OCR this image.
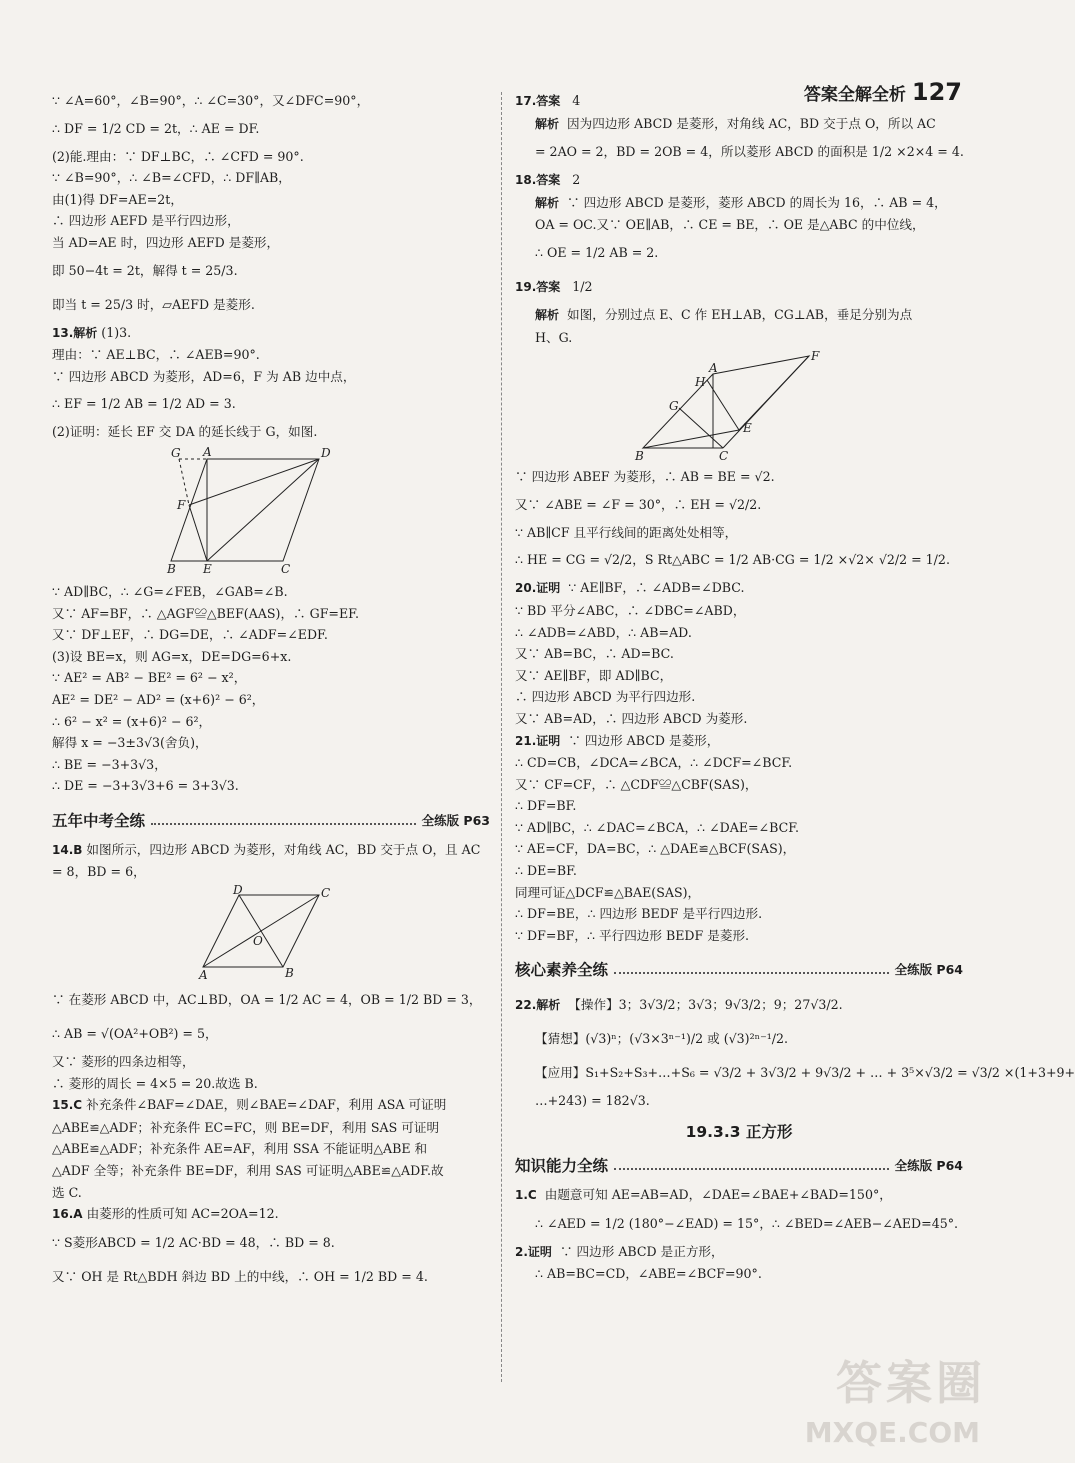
答案全解全析 127
∵ ∠A=60°，∠B=90°，∴ ∠C=30°，又∠DFC=90°，
∴ DF = 1/2 CD = 2t，∴ AE = DF.
(2)能.理由：∵ DF⊥BC，∴ ∠CFD = 90°.
∵ ∠B=90°，∴ ∠B=∠CFD，∴ DF∥AB，
由(1)得 DF=AE=2t，
∴ 四边形 AEFD 是平行四边形，
当 AD=AE 时，四边形 AEFD 是菱形，
即 50−4t = 2t，解得 t = 25/3.
即当 t = 25/3 时，▱AEFD 是菱形.
13.解析 (1)3.
理由：∵ AE⊥BC，∴ ∠AEB=90°.
∵ 四边形 ABCD 为菱形，AD=6，F 为 AB 边中点，
∴ EF = 1/2 AB = 1/2 AD = 3.
(2)证明：延长 EF 交 DA 的延长线于 G，如图.
G A	D
F
B E	C
∵ AD∥BC，∴ ∠G=∠FEB，∠GAB=∠B.
又∵ AF=BF，∴ △AGF≌△BEF(AAS)，∴ GF=EF.
又∵ DF⊥EF，∴ DG=DE，∴ ∠ADF=∠EDF.
(3)设 BE=x，则 AG=x，DE=DG=6+x.
∵ AE² = AB² − BE² = 6² − x²，
AE² = DE² − AD² = (x+6)² − 6²，
∴ 6² − x² = (x+6)² − 6²，
解得 x = −3±3√3(舍负)，
∴ BE = −3+3√3，
∴ DE = −3+3√3+6 = 3+3√3.
五年中考全练	全练版 P63
14.B 如图所示，四边形 ABCD 为菱形，对角线 AC，BD 交于点 O，且 AC
= 8，BD = 6，
D	C
A	B
O
∵ 在菱形 ABCD 中，AC⊥BD，OA = 1/2 AC = 4，OB = 1/2 BD = 3，
∴ AB = √(OA²+OB²) = 5，
又∵ 菱形的四条边相等，
∴ 菱形的周长 = 4×5 = 20.故选 B.
15.C 补充条件∠BAF=∠DAE，则∠BAE=∠DAF，利用 ASA 可证明
△ABE≌△ADF；补充条件 EC=FC，则 BE=DF，利用 SAS 可证明
△ABE≌△ADF；补充条件 AE=AF，利用 SSA 不能证明△ABE 和
△ADF 全等；补充条件 BE=DF，利用 SAS 可证明△ABE≌△ADF.故
选 C.
16.A 由菱形的性质可知 AC=2OA=12.
∵ S菱形ABCD = 1/2 AC·BD = 48，∴ BD = 8.
又∵ OH 是 Rt△BDH 斜边 BD 上的中线，∴ OH = 1/2 BD = 4.
17.答案 4
解析 因为四边形 ABCD 是菱形，对角线 AC，BD 交于点 O，所以 AC
= 2AO = 2，BD = 2OB = 4，所以菱形 ABCD 的面积是 1/2 ×2×4 = 4.
18.答案 2
解析 ∵ 四边形 ABCD 是菱形，菱形 ABCD 的周长为 16，∴ AB = 4，
OA = OC.又∵ OE∥AB，∴ CE = BE，∴ OE 是△ABC 的中位线，
∴ OE = 1/2 AB = 2.
19.答案 1/2
解析 如图，分别过点 E、C 作 EH⊥AB，CG⊥AB，垂足分别为点
H、G.
A
F
H
G
E
B	C
∵ 四边形 ABEF 为菱形，∴ AB = BE = √2.
又∵ ∠ABE = ∠F = 30°，∴ EH = √2/2.
∵ AB∥CF 且平行线间的距离处处相等，
∴ HE = CG = √2/2，S Rt△ABC = 1/2 AB·CG = 1/2 ×√2× √2/2 = 1/2.
20.证明 ∵ AE∥BF，∴ ∠ADB=∠DBC.
∵ BD 平分∠ABC，∴ ∠DBC=∠ABD，
∴ ∠ADB=∠ABD，∴ AB=AD.
又∵ AB=BC，∴ AD=BC.
又∵ AE∥BF，即 AD∥BC，
∴ 四边形 ABCD 为平行四边形.
又∵ AB=AD，∴ 四边形 ABCD 为菱形.
21.证明 ∵ 四边形 ABCD 是菱形，
∴ CD=CB，∠DCA=∠BCA，∴ ∠DCF=∠BCF.
又∵ CF=CF，∴ △CDF≌△CBF(SAS)，
∴ DF=BF.
∵ AD∥BC，∴ ∠DAC=∠BCA，∴ ∠DAE=∠BCF.
∵ AE=CF，DA=BC，∴ △DAE≌△BCF(SAS)，
∴ DE=BF.
同理可证△DCF≌△BAE(SAS)，
∴ DF=BE，∴ 四边形 BEDF 是平行四边形.
∵ DF=BF，∴ 平行四边形 BEDF 是菱形.
核心素养全练	全练版 P64
22.解析 【操作】3；3√3/2；3√3；9√3/2；9；27√3/2.
【猜想】(√3)ⁿ；(√3×3ⁿ⁻¹)/2 或 (√3)²ⁿ⁻¹/2.
【应用】S₁+S₂+S₃+…+S₆ = √3/2 + 3√3/2 + 9√3/2 + … + 3⁵×√3/2 = √3/2 ×(1+3+9+
…+243) = 182√3.
19.3.3 正方形
知识能力全练	全练版 P64
1.C 由题意可知 AE=AB=AD，∠DAE=∠BAE+∠BAD=150°，
∴ ∠AED = 1/2 (180°−∠EAD) = 15°，∴ ∠BED=∠AEB−∠AED=45°.
2.证明 ∵ 四边形 ABCD 是正方形，
∴ AB=BC=CD，∠ABE=∠BCF=90°.
答案圈
MXQE.COM
